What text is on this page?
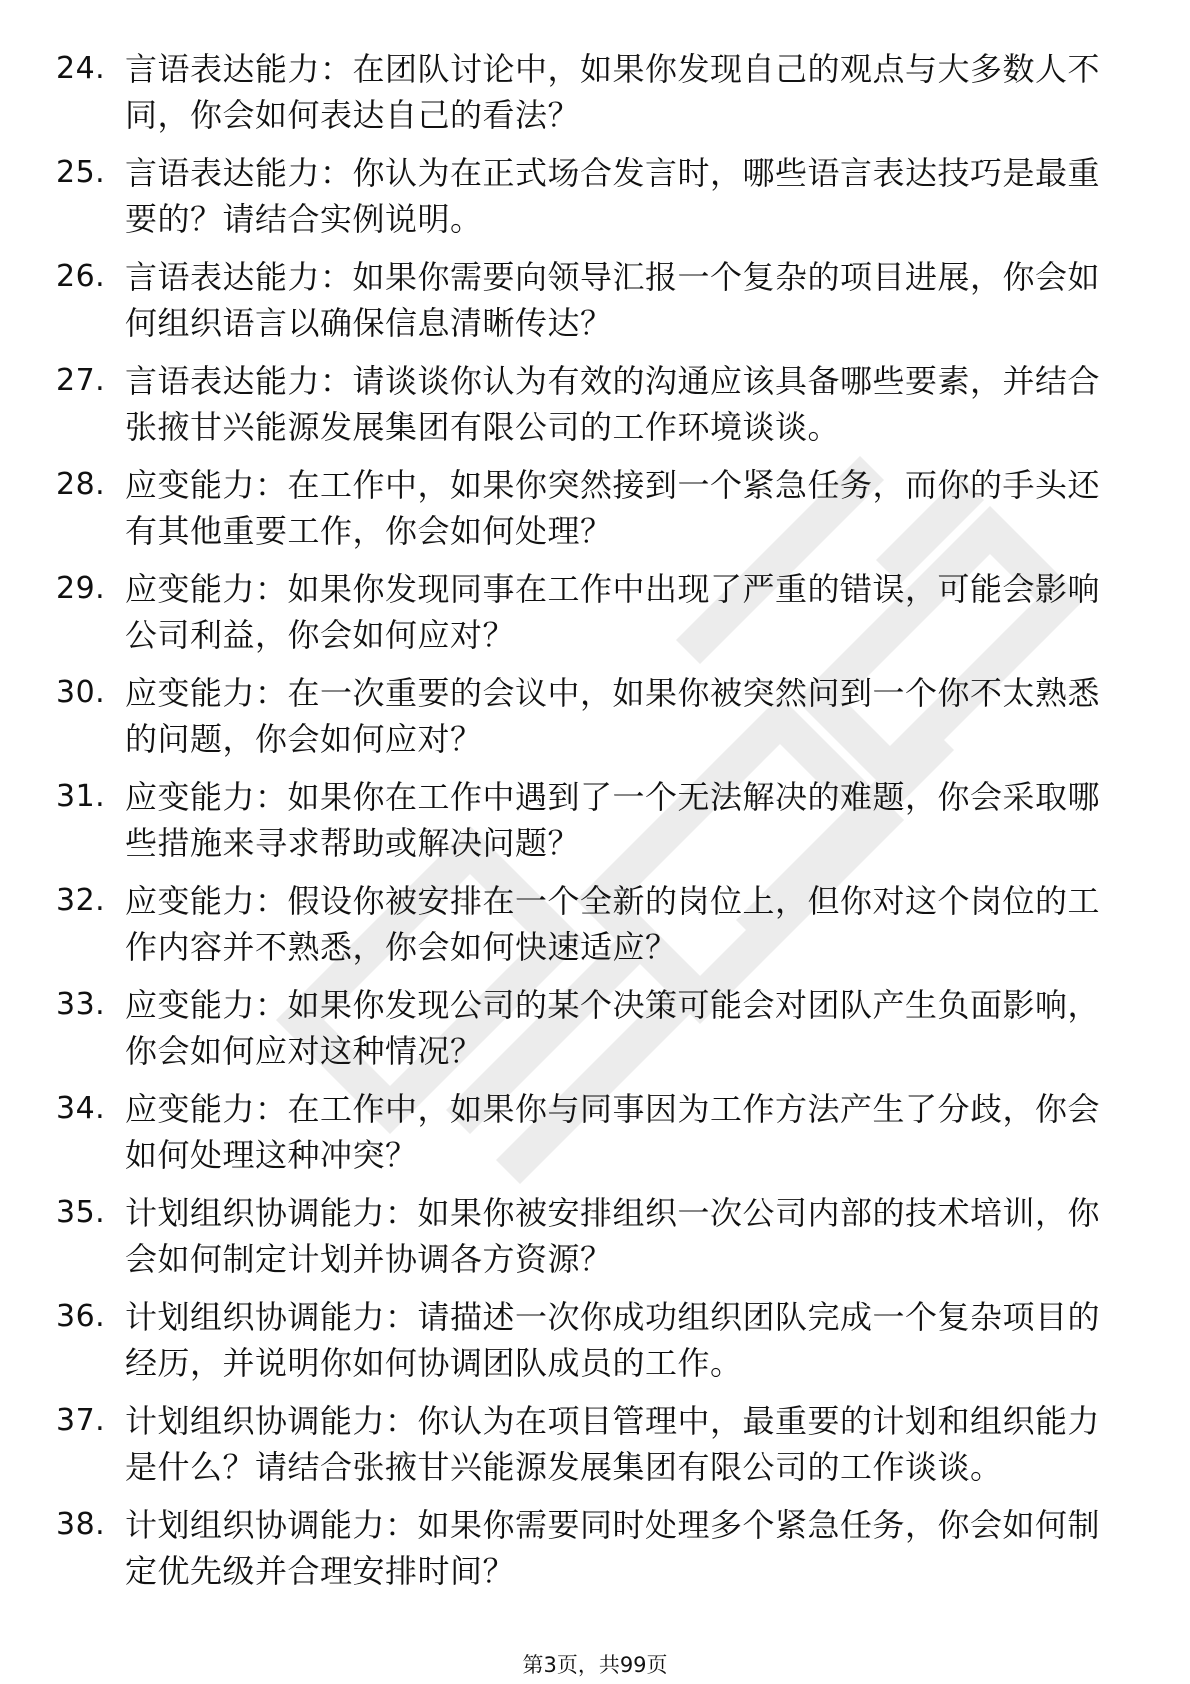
24. 言语表达能力：在团队讨论中，如果你发现自己的观点与大多数人不同，你会如何表达自己的看法？
25. 言语表达能力：你认为在正式场合发言时，哪些语言表达技巧是最重要的？请结合实例说明。
26. 言语表达能力：如果你需要向领导汇报一个复杂的项目进展，你会如何组织语言以确保信息清晰传达？
27. 言语表达能力：请谈谈你认为有效的沟通应该具备哪些要素，并结合张掖甘兴能源发展集团有限公司的工作环境谈谈。
28. 应变能力：在工作中，如果你突然接到一个紧急任务，而你的手头还有其他重要工作，你会如何处理？
29. 应变能力：如果你发现同事在工作中出现了严重的错误，可能会影响公司利益，你会如何应对？
30. 应变能力：在一次重要的会议中，如果你被突然问到一个你不太熟悉的问题，你会如何应对？
31. 应变能力：如果你在工作中遇到了一个无法解决的难题，你会采取哪些措施来寻求帮助或解决问题？
32. 应变能力：假设你被安排在一个全新的岗位上，但你对这个岗位的工作内容并不熟悉，你会如何快速适应？
33. 应变能力：如果你发现公司的某个决策可能会对团队产生负面影响，你会如何应对这种情况？
34. 应变能力：在工作中，如果你与同事因为工作方法产生了分歧，你会如何处理这种冲突？
35. 计划组织协调能力：如果你被安排组织一次公司内部的技术培训，你会如何制定计划并协调各方资源？
36. 计划组织协调能力：请描述一次你成功组织团队完成一个复杂项目的经历，并说明你如何协调团队成员的工作。
37. 计划组织协调能力：你认为在项目管理中，最重要的计划和组织能力是什么？请结合张掖甘兴能源发展集团有限公司的工作谈谈。
38. 计划组织协调能力：如果你需要同时处理多个紧急任务，你会如何制定优先级并合理安排时间？
第3页，共99页
